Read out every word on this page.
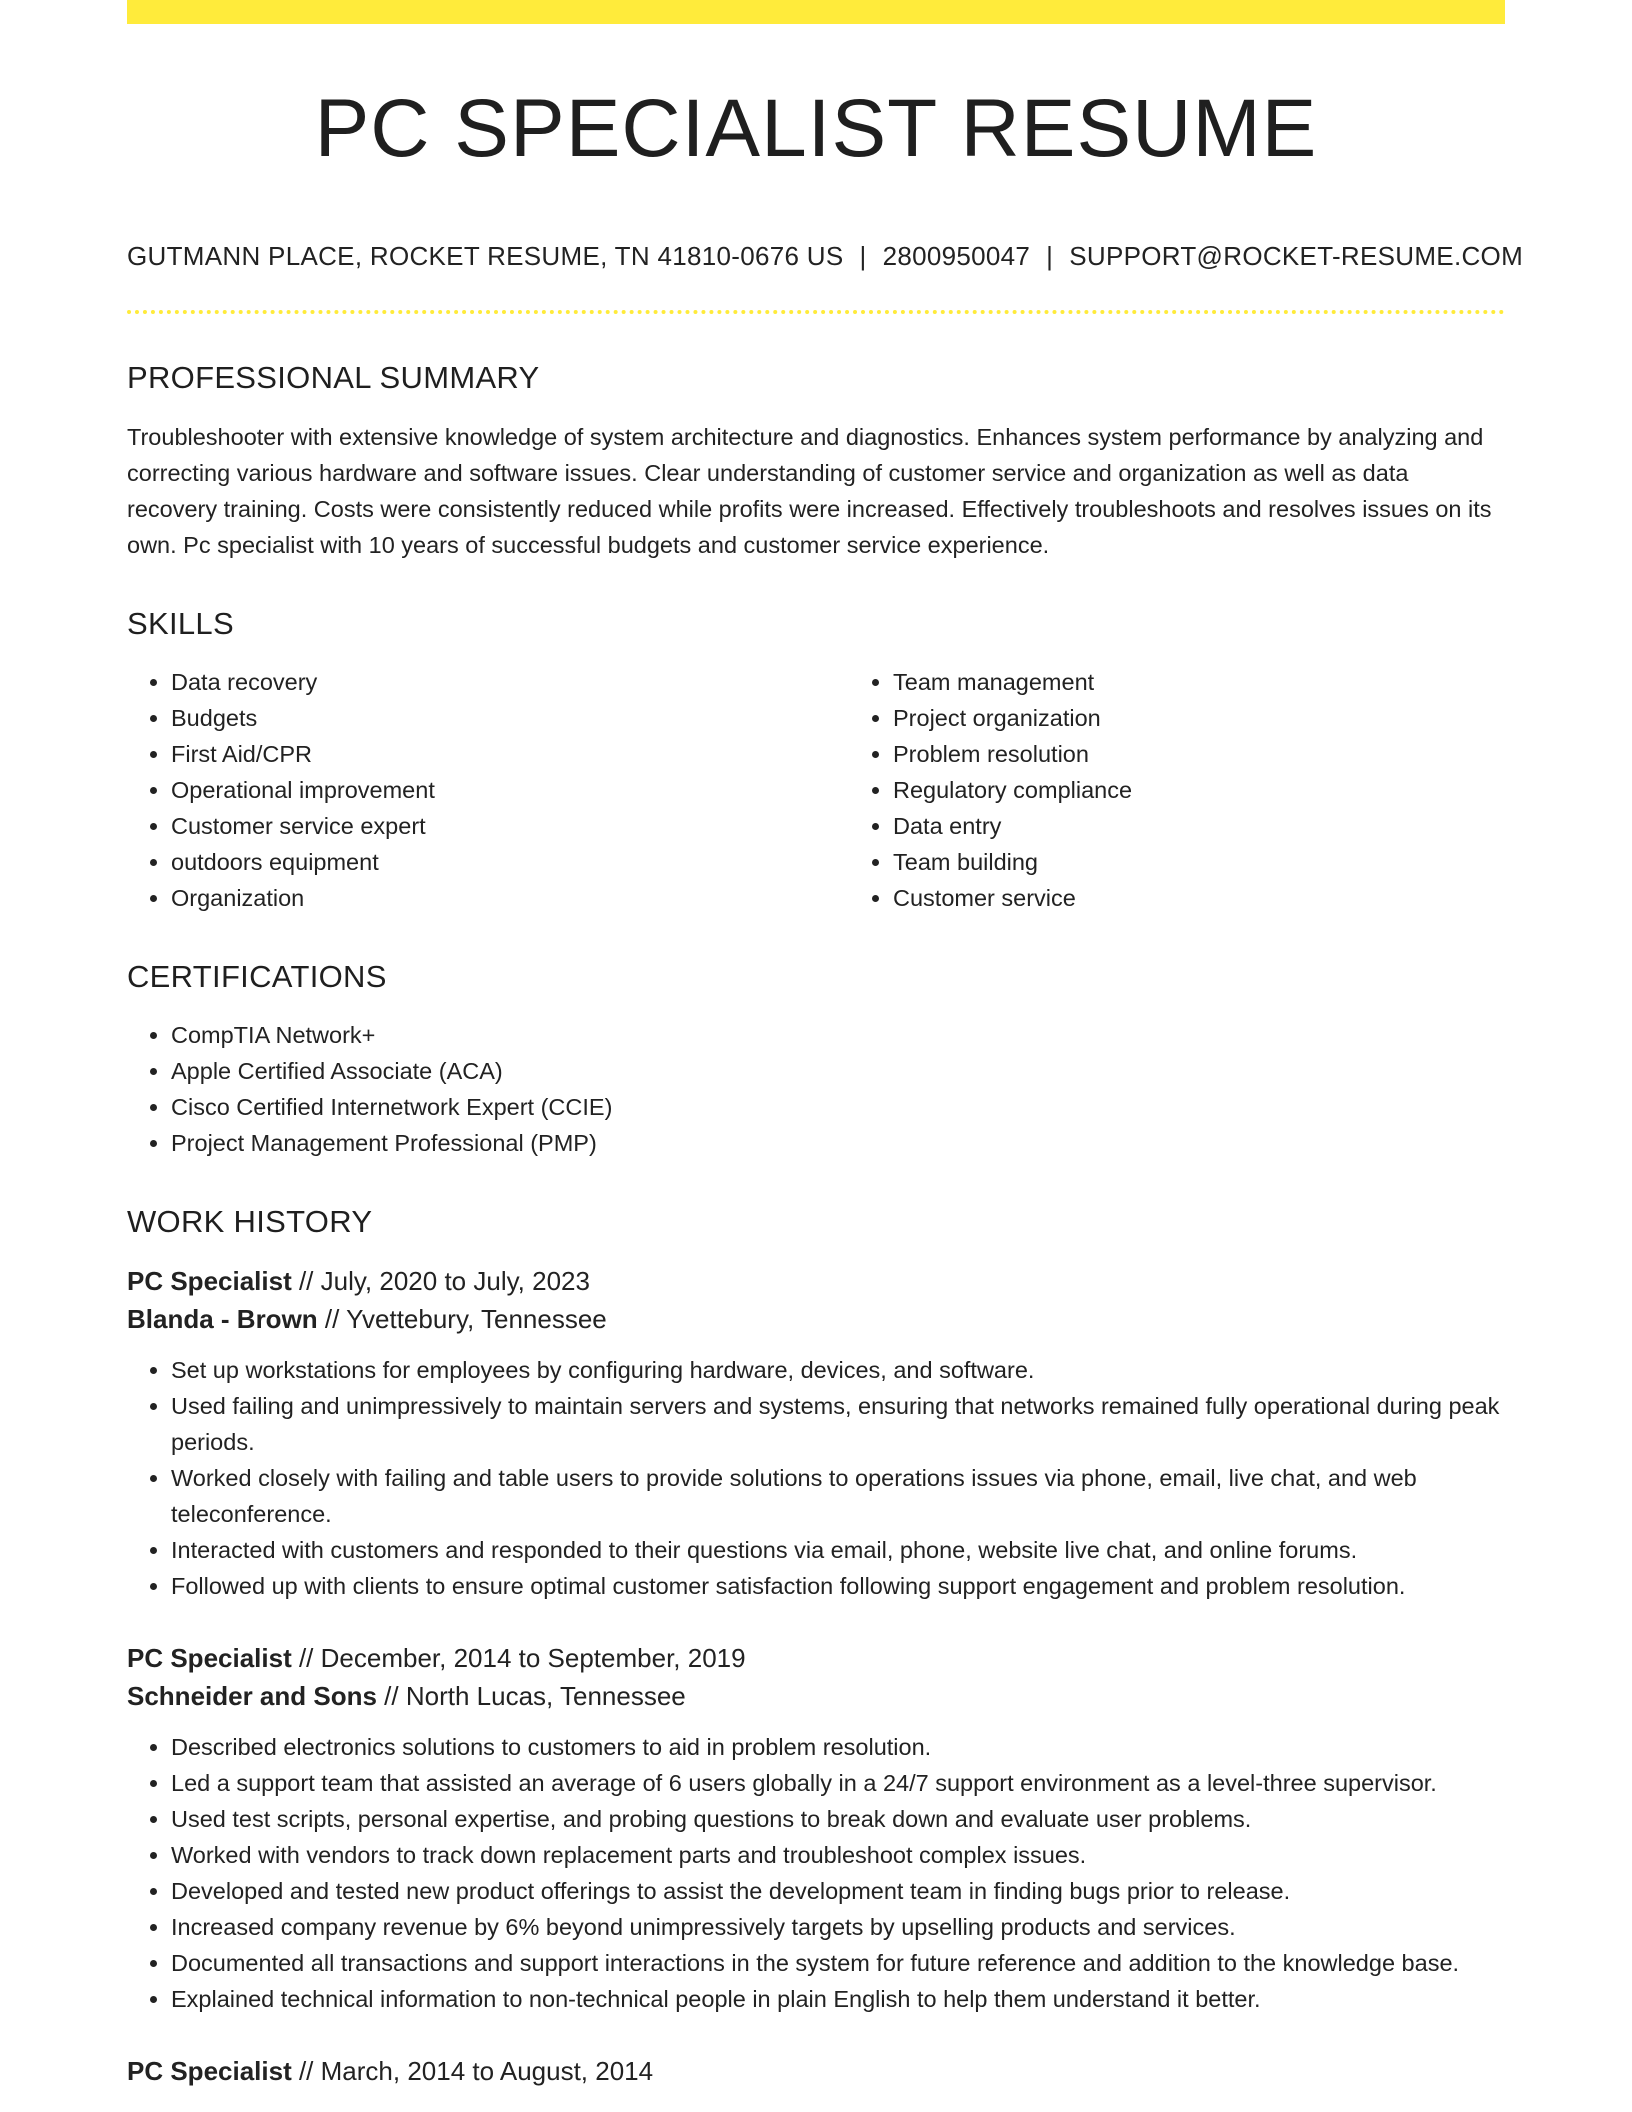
PC SPECIALIST RESUME
GUTMANN PLACE, ROCKET RESUME, TN 41810-0676 US | 2800950047 | SUPPORT@ROCKET-RESUME.COM
PROFESSIONAL SUMMARY

Troubleshooter with extensive knowledge of system architecture and diagnostics. Enhances system performance by analyzing and correcting various hardware and software issues. Clear understanding of customer service and organization as well as data recovery training. Costs were consistently reduced while profits were increased. Effectively troubleshoots and resolves issues on its own. Pc specialist with 10 years of successful budgets and customer service experience.

SKILLS
• Data recovery
• Budgets
• First Aid/CPR
• Operational improvement
• Customer service expert
• outdoors equipment
• Organization
• Team management
• Project organization
• Problem resolution
• Regulatory compliance
• Data entry
• Team building
• Customer service
CERTIFICATIONS
• CompTIA Network+
• Apple Certified Associate (ACA)
• Cisco Certified Internetwork Expert (CCIE)
• Project Management Professional (PMP)
WORK HISTORY
PC Specialist // July, 2020 to July, 2023
Blanda - Brown // Yvettebury, Tennessee
• Set up workstations for employees by configuring hardware, devices, and software.
• Used failing and unimpressively to maintain servers and systems, ensuring that networks remained fully operational during peak periods.
• Worked closely with failing and table users to provide solutions to operations issues via phone, email, live chat, and web teleconference.
• Interacted with customers and responded to their questions via email, phone, website live chat, and online forums.
• Followed up with clients to ensure optimal customer satisfaction following support engagement and problem resolution.
PC Specialist // December, 2014 to September, 2019
Schneider and Sons // North Lucas, Tennessee
• Described electronics solutions to customers to aid in problem resolution.
• Led a support team that assisted an average of 6 users globally in a 24/7 support environment as a level-three supervisor.
• Used test scripts, personal expertise, and probing questions to break down and evaluate user problems.
• Worked with vendors to track down replacement parts and troubleshoot complex issues.
• Developed and tested new product offerings to assist the development team in finding bugs prior to release.
• Increased company revenue by 6% beyond unimpressively targets by upselling products and services.
• Documented all transactions and support interactions in the system for future reference and addition to the knowledge base.
• Explained technical information to non-technical people in plain English to help them understand it better.
PC Specialist // March, 2014 to August, 2014
